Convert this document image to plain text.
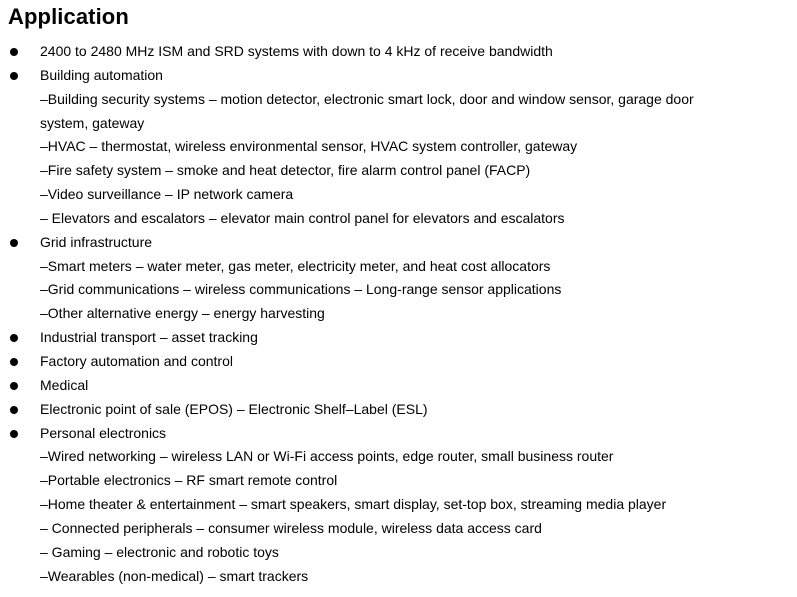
Application
2400 to 2480 MHz ISM and SRD systems with down to 4 kHz of receive bandwidth
Building automation
–Building security systems – motion detector, electronic smart lock, door and window sensor, garage door
system, gateway
–HVAC – thermostat, wireless environmental sensor, HVAC system controller, gateway
–Fire safety system – smoke and heat detector, fire alarm control panel (FACP)
–Video surveillance – IP network camera
– Elevators and escalators – elevator main control panel for elevators and escalators
Grid infrastructure
–Smart meters – water meter, gas meter, electricity meter, and heat cost allocators
–Grid communications – wireless communications – Long-range sensor applications
–Other alternative energy – energy harvesting
Industrial transport – asset tracking
Factory automation and control
Medical
Electronic point of sale (EPOS) – Electronic Shelf–Label (ESL)
Personal electronics
–Wired networking – wireless LAN or Wi-Fi access points, edge router, small business router
–Portable electronics – RF smart remote control
–Home theater & entertainment – smart speakers, smart display, set-top box, streaming media player
– Connected peripherals – consumer wireless module, wireless data access card
– Gaming – electronic and robotic toys
–Wearables (non-medical) – smart trackers
